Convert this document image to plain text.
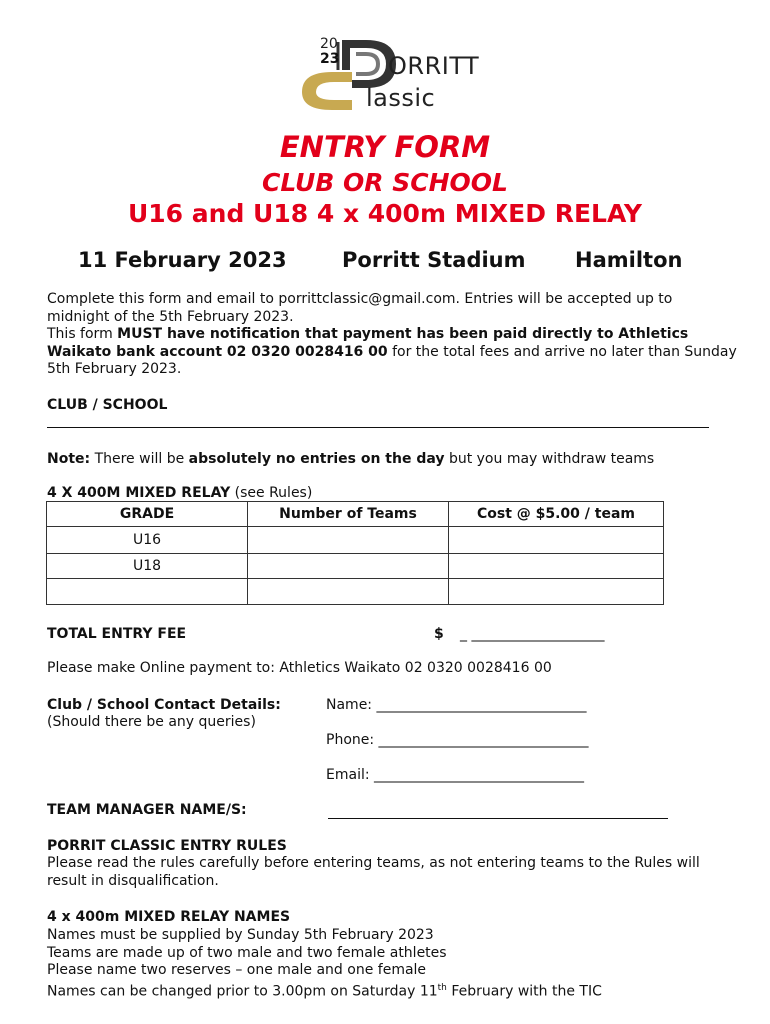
20
23 ORRITT
lassic
ENTRY FORM
CLUB OR SCHOOL
U16 and U18 4 x 400m MIXED RELAY
11 February 2023	Porritt Stadium Hamilton
Complete this form and email to porrittclassic@gmail.com. Entries will be accepted up to midnight of the 5th February 2023.
This form MUST have notification that payment has been paid directly to Athletics Waikato bank account 02 0320 0028416 00 for the total fees and arrive no later than Sunday 5th February 2023.
CLUB / SCHOOL
Note: There will be absolutely no entries on the day but you may withdraw teams
4 X 400M MIXED RELAY (see Rules)
GRADE	Number of Teams	Cost @ $5.00 / team
U16		
U18		

TOTAL ENTRY FEE	$ _ ___________________
Please make Online payment to: Athletics Waikato 02 0320 0028416 00
Club / School Contact Details:
(Should there be any queries)
Name: ______________________________
Phone: ______________________________
Email: ______________________________
TEAM MANAGER NAME/S:
PORRIT CLASSIC ENTRY RULES
Please read the rules carefully before entering teams, as not entering teams to the Rules will result in disqualification.
4 x 400m MIXED RELAY NAMES
Names must be supplied by Sunday 5th February 2023
Teams are made up of two male and two female athletes
Please name two reserves – one male and one female
Names can be changed prior to 3.00pm on Saturday 11th February with the TIC
